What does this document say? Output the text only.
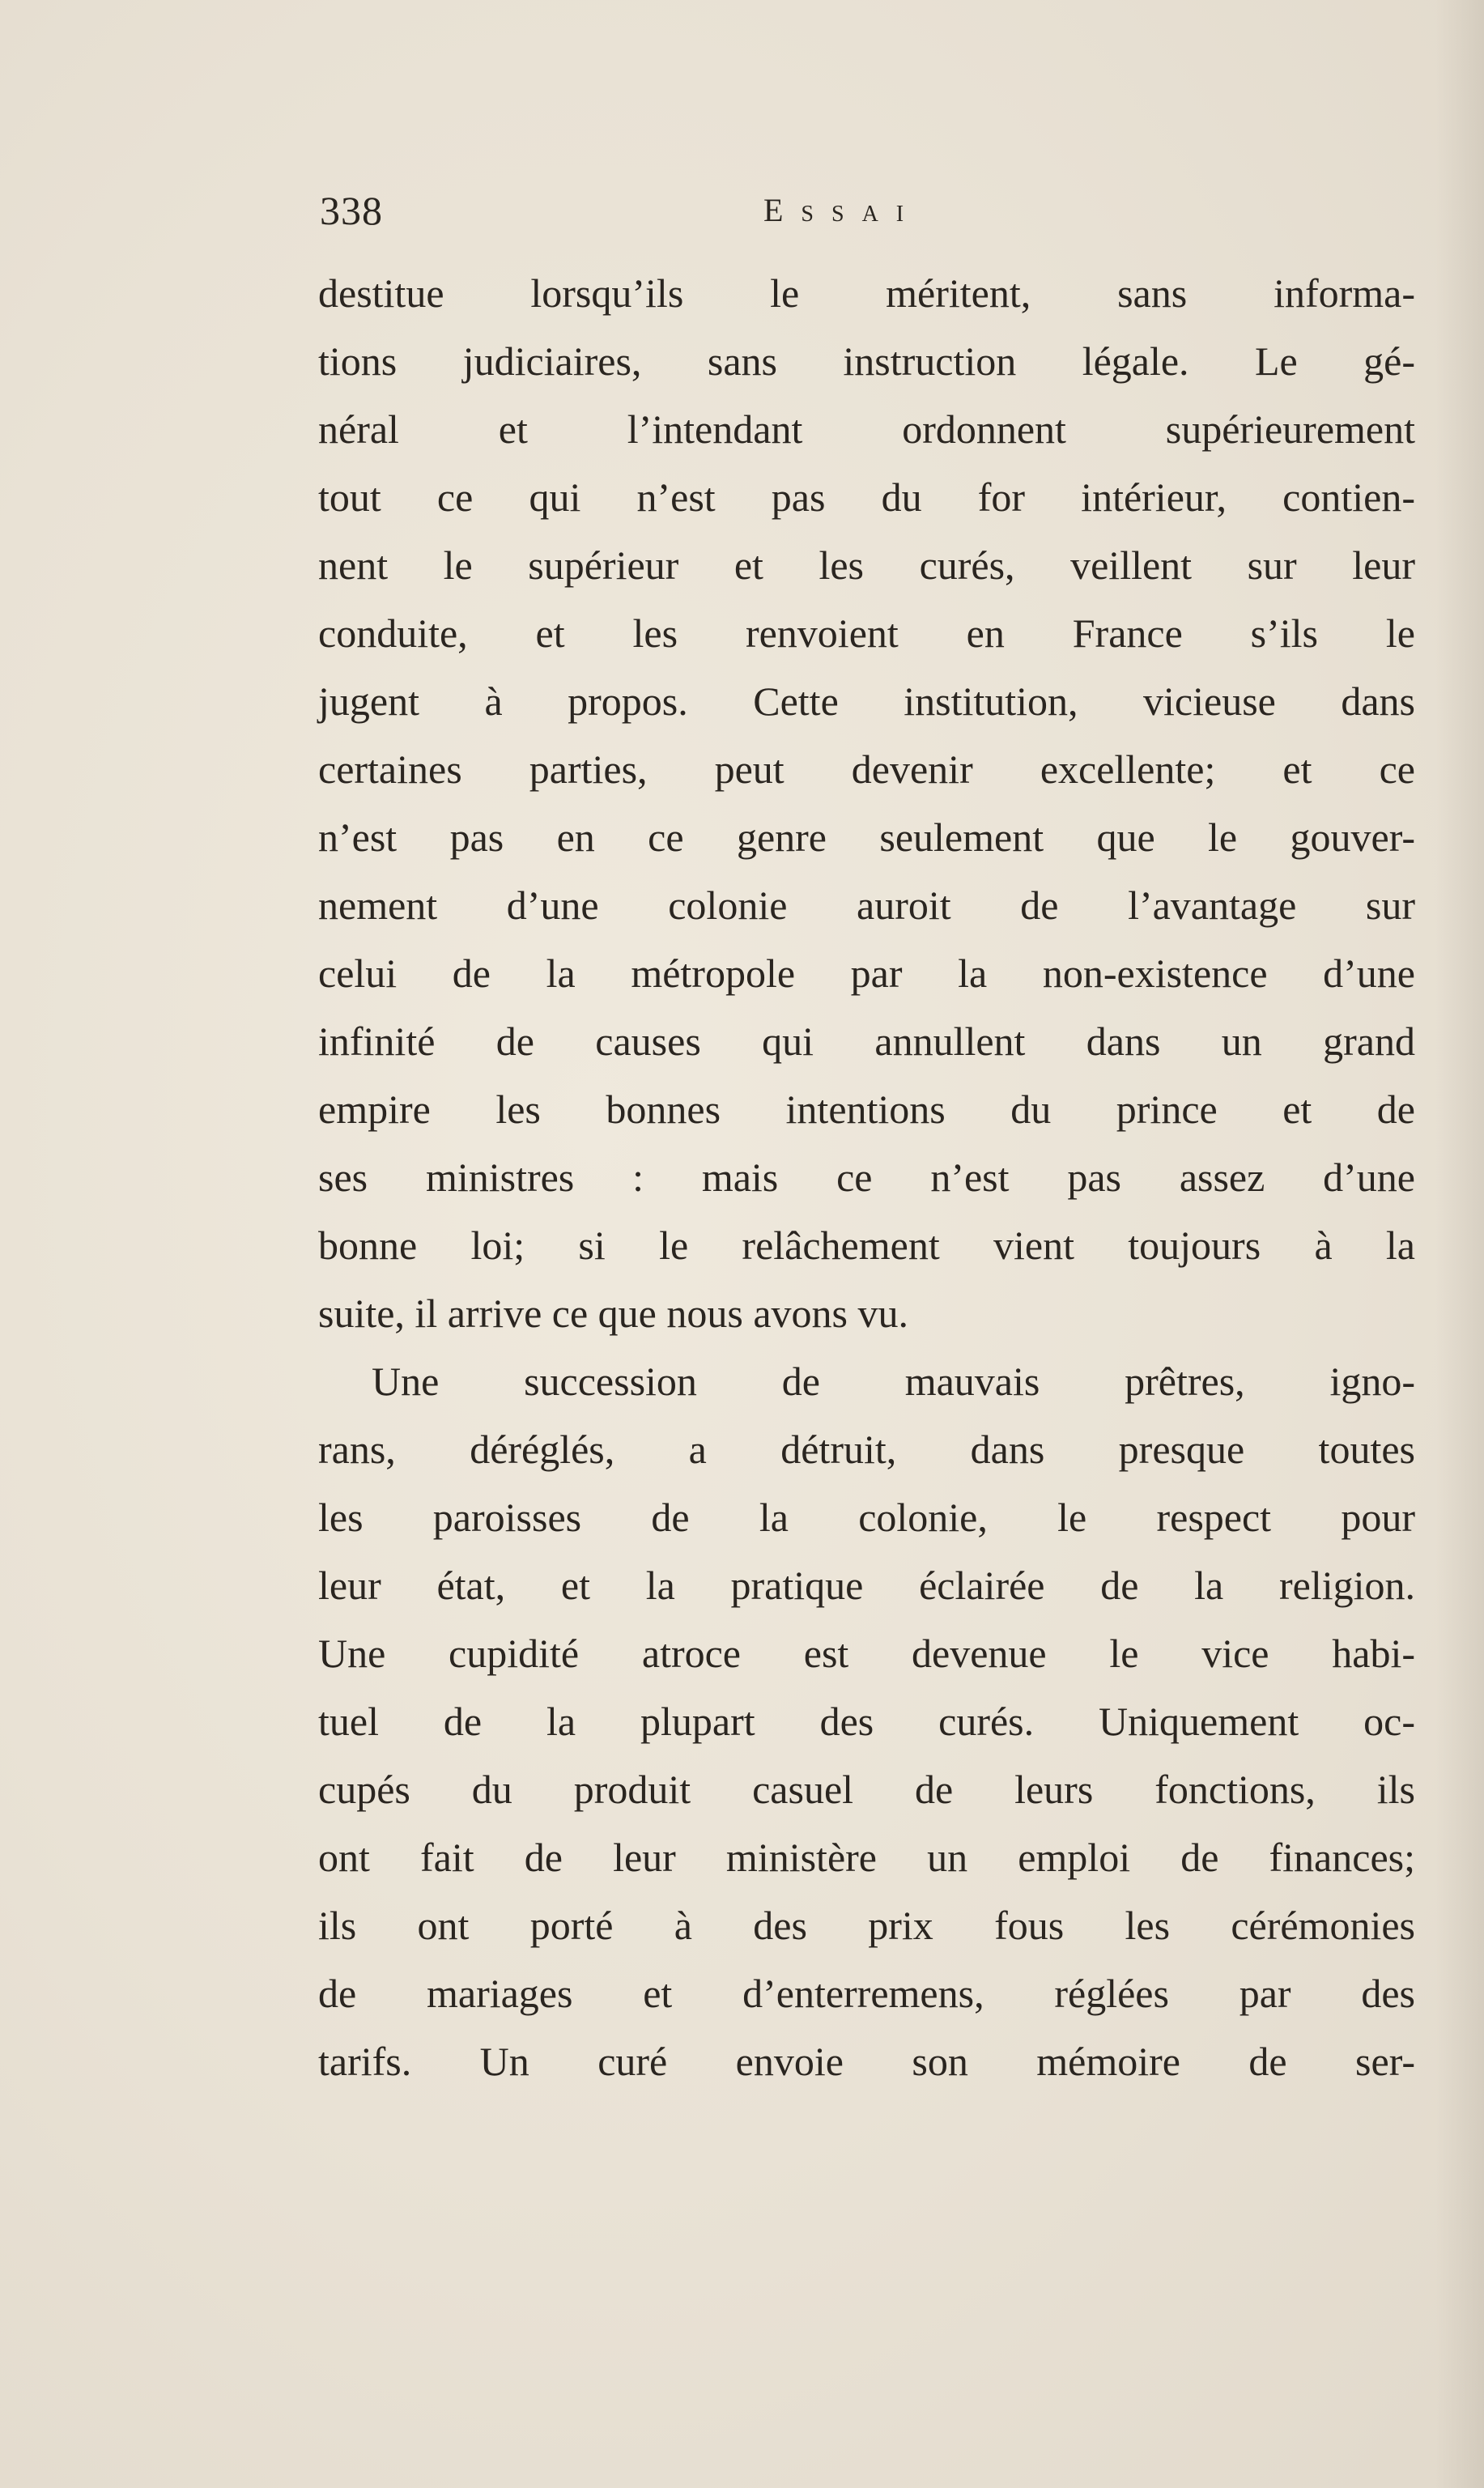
338	Essai
destitue lorsqu’ils le méritent, sans informa-
tions judiciaires, sans instruction légale. Le gé-
néral et l’intendant ordonnent supérieurement
tout ce qui n’est pas du for intérieur, contien-
nent le supérieur et les curés, veillent sur leur
conduite, et les renvoient en France s’ils le
jugent à propos. Cette institution, vicieuse dans
certaines parties, peut devenir excellente; et ce
n’est pas en ce genre seulement que le gouver-
nement d’une colonie auroit de l’avantage sur
celui de la métropole par la non-existence d’une
infinité de causes qui annullent dans un grand
empire les bonnes intentions du prince et de
ses ministres : mais ce n’est pas assez d’une
bonne loi; si le relâchement vient toujours à la
suite, il arrive ce que nous avons vu.
Une succession de mauvais prêtres, igno-
rans, déréglés, a détruit, dans presque toutes
les paroisses de la colonie, le respect pour
leur état, et la pratique éclairée de la religion.
Une cupidité atroce est devenue le vice habi-
tuel de la plupart des curés. Uniquement oc-
cupés du produit casuel de leurs fonctions, ils
ont fait de leur ministère un emploi de finances;
ils ont porté à des prix fous les cérémonies
de mariages et d’enterremens, réglées par des
tarifs. Un curé envoie son mémoire de ser-
